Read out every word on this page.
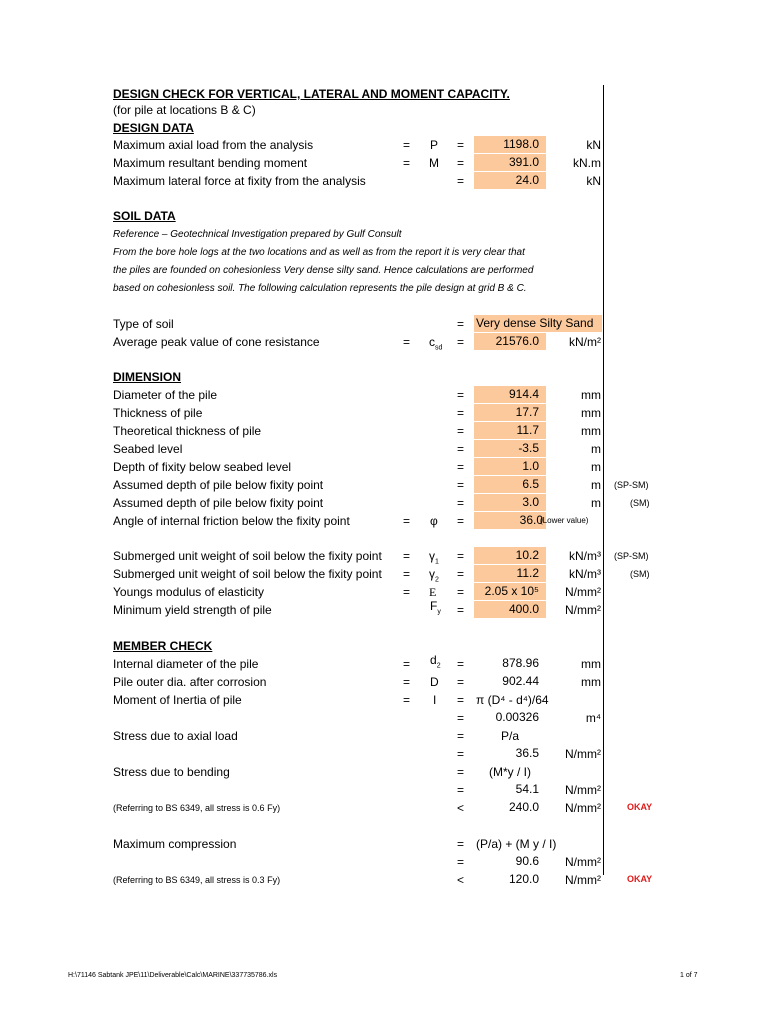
DESIGN CHECK FOR VERTICAL, LATERAL AND MOMENT CAPACITY.
(for pile at locations B & C)
DESIGN DATA
Maximum axial load from the analysis	= P =	1198.0	kN
Maximum resultant bending moment	= M =	391.0	kN.m
Maximum lateral force at fixity from the analysis	=	24.0	kN
SOIL DATA
Reference – Geotechnical Investigation prepared by Gulf Consult
From the bore hole logs at the two locations and as well as from the report it is very clear that
the piles are founded on cohesionless Very dense silty sand. Hence calculations are performed
based on cohesionless soil. The following calculation represents the pile design at grid B & C.
Type of soil	= Very dense Silty Sand
Average peak value of cone resistance	= $c_{sd}$ =	21576.0	kN/m²
DIMENSION
Diameter of the pile	=	914.4	mm
Thickness of pile	=	17.7	mm
Theoretical thickness of pile	=	11.7	mm
Seabed level	=	-3.5	m
Depth of fixity below seabed level	=	1.0	m
Assumed depth of pile below fixity point	=	6.5	m (SP-SM)
Assumed depth of pile below fixity point	=	3.0	m	(SM)
Angle of internal friction below the fixity point	= φ =	36.0
(Lower value)
Submerged unit weight of soil below the fixity point = $\gamma_1$ =	10.2	kN/m³ (SP-SM)
Submerged unit weight of soil below the fixity point = $\gamma_2$ =	11.2	kN/m³	(SM)
Youngs modulus of elasticity	= E =	2.05 x 10⁵	N/mm²
Minimum yield strength of pile	$F_y$ =	400.0	N/mm²
MEMBER CHECK
Internal diameter of the pile	= $d_2$ =	878.96	mm
Pile outer dia. after corrosion	= D =	902.44	mm
Moment of Inertia of pile	= I = π (D⁴ - d⁴)/64
=	0.00326	m⁴
Stress due to axial load	=	P/a
=	36.5	N/mm²
Stress due to bending	=	(M*y / I)
=	54.1	N/mm²
(Referring to BS 6349, all stress is 0.6 Fy)	<	240.0	N/mm²	OKAY
Maximum compression	= (P/a) + (M y / I)
=	90.6	N/mm²
(Referring to BS 6349, all stress is 0.3 Fy)	<	120.0	N/mm²	OKAY
H:\71146 Sabtank JPE\11\Deliverable\Calc\MARINE\337735786.xls	1 of 7
